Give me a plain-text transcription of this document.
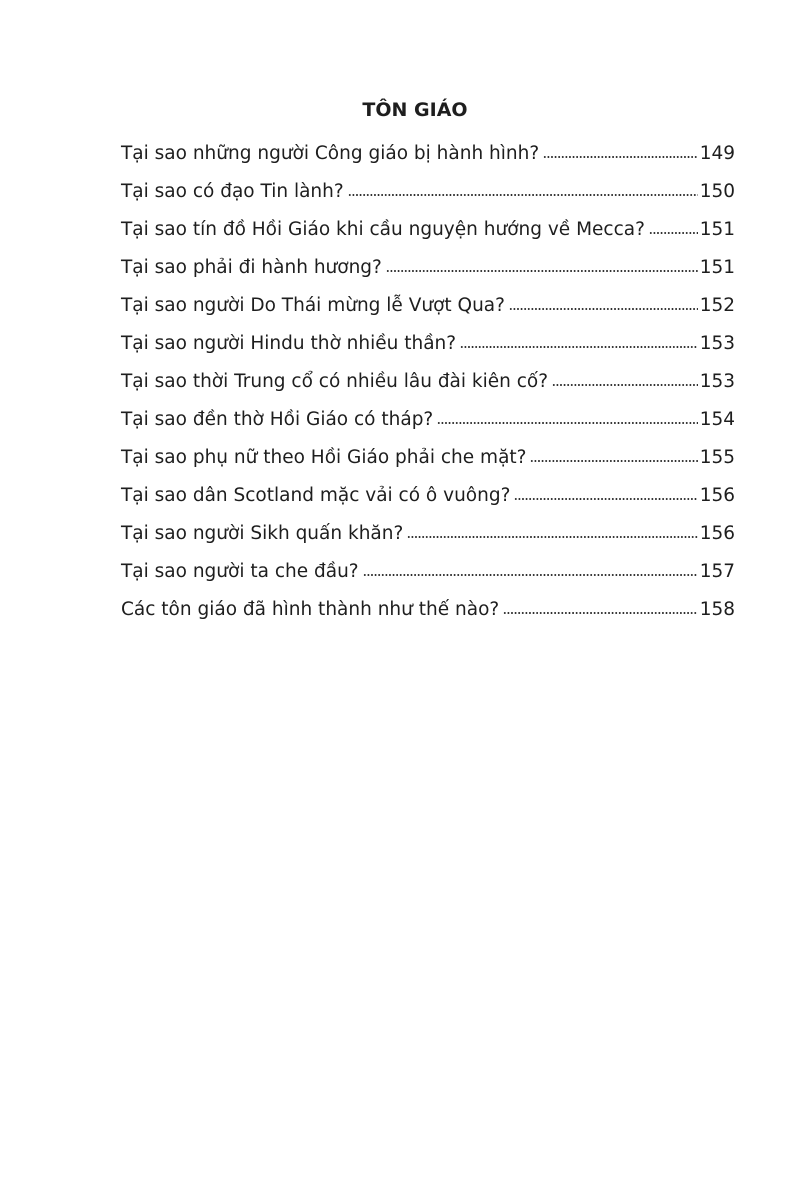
TÔN GIÁO
Tại sao những người Công giáo bị hành hình?	149
Tại sao có đạo Tin lành?	150
Tại sao tín đồ Hồi Giáo khi cầu nguyện hướng về Mecca?	151
Tại sao phải đi hành hương?	151
Tại sao người Do Thái mừng lễ Vượt Qua?	152
Tại sao người Hindu thờ nhiều thần?	153
Tại sao thời Trung cổ có nhiều lâu đài kiên cố?	153
Tại sao đền thờ Hồi Giáo có tháp?	154
Tại sao phụ nữ theo Hồi Giáo phải che mặt?	155
Tại sao dân Scotland mặc vải có ô vuông?	156
Tại sao người Sikh quấn khăn?	156
Tại sao người ta che đầu?	157
Các tôn giáo đã hình thành như thế nào?	158
